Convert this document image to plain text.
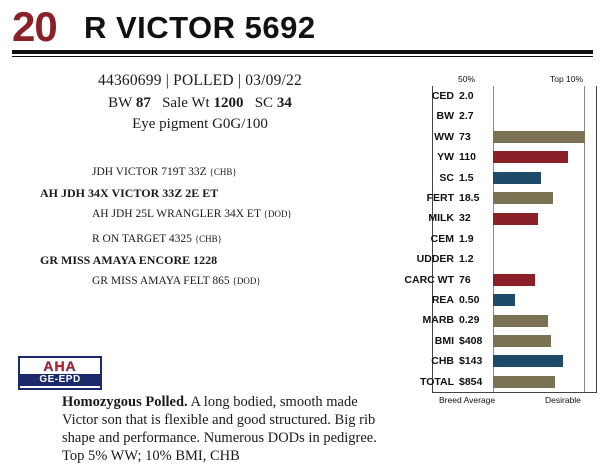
20 R VICTOR 5692
44360699 | POLLED | 03/09/22
BW 87 Sale Wt 1200 SC 34
Eye pigment G0G/100
JDH VICTOR 719T 33Z {CHB}
AH JDH 34X VICTOR 33Z 2E ET
AH JDH 25L WRANGLER 34X ET {DOD}
R ON TARGET 4325 {CHB}
GR MISS AMAYA ENCORE 1228
GR MISS AMAYA FELT 865 {DOD}
AHA
GE-EPD
Homozygous Polled. A long bodied, smooth made Victor son that is flexible and good structured. Big rib shape and performance. Numerous DODs in pedigree. Top 5% WW; 10% BMI, CHB
50%	Top 10%
CED 2.0
BW 2.7
WW 73
YW 110
SC 1.5
FERT 18.5
MILK 32
CEM 1.9
UDDER 1.2
CARC WT 76
REA 0.50
MARB 0.29
BMI $408
CHB $143
TOTAL $854
Breed Average	Desirable
